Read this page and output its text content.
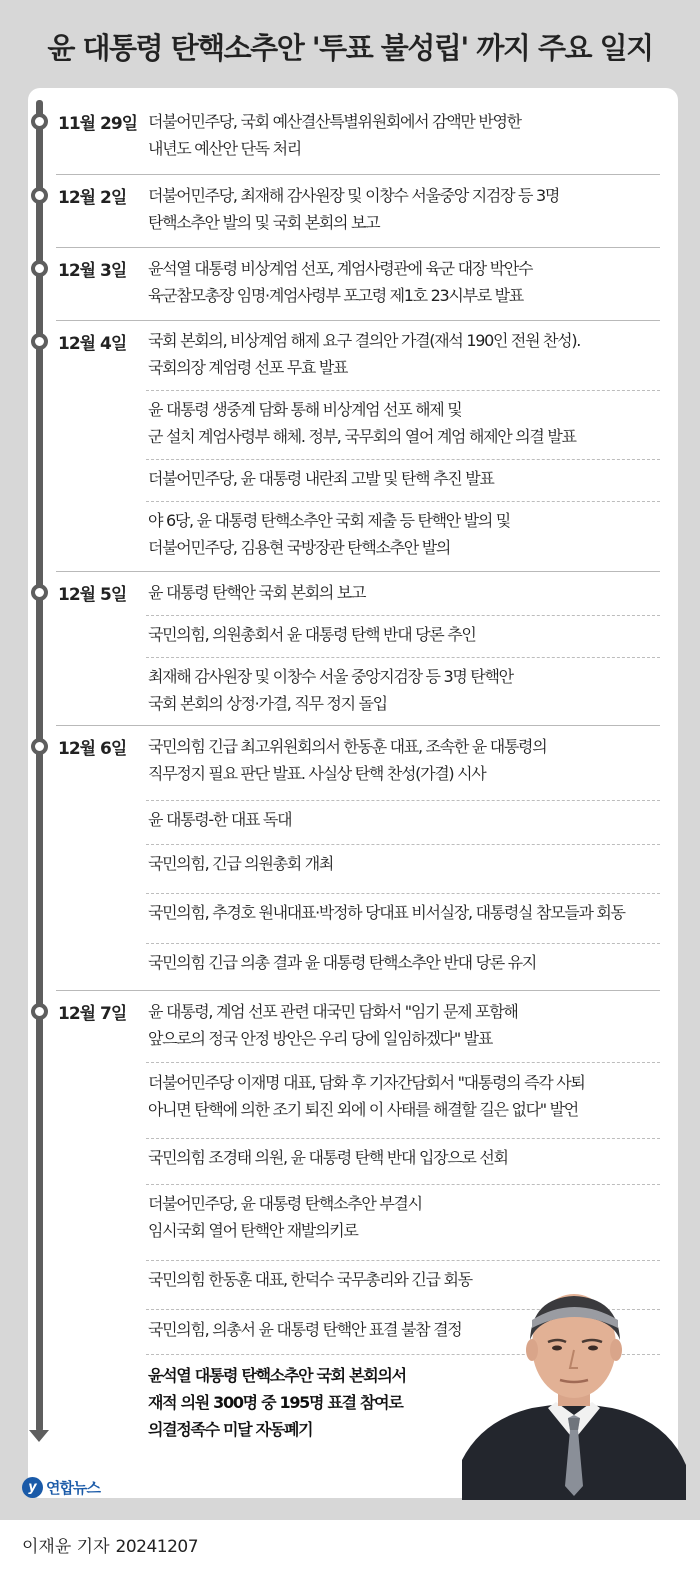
윤 대통령 탄핵소추안 '투표 불성립' 까지 주요 일지
11월 29일 더불어민주당, 국회 예산결산특별위원회에서 감액만 반영한
내년도 예산안 단독 처리
12월 2일 더불어민주당, 최재해 감사원장 및 이창수 서울중앙 지검장 등 3명
탄핵소추안 발의 및 국회 본회의 보고
12월 3일 윤석열 대통령 비상계엄 선포, 계엄사령관에 육군 대장 박안수
육군참모총장 임명·계엄사령부 포고령 제1호 23시부로 발표
12월 4일 국회 본회의, 비상계엄 해제 요구 결의안 가결(재석 190인 전원 찬성).
국회의장 계엄령 선포 무효 발표
윤 대통령 생중계 담화 통해 비상계엄 선포 해제 및
군 설치 계엄사령부 해체. 정부, 국무회의 열어 계엄 해제안 의결 발표
더불어민주당, 윤 대통령 내란죄 고발 및 탄핵 추진 발표
야 6당, 윤 대통령 탄핵소추안 국회 제출 등 탄핵안 발의 및
더불어민주당, 김용현 국방장관 탄핵소추안 발의
12월 5일 윤 대통령 탄핵안 국회 본회의 보고
국민의힘, 의원총회서 윤 대통령 탄핵 반대 당론 추인
최재해 감사원장 및 이창수 서울 중앙지검장 등 3명 탄핵안
국회 본회의 상정·가결, 직무 정지 돌입
12월 6일 국민의힘 긴급 최고위원회의서 한동훈 대표, 조속한 윤 대통령의
직무정지 필요 판단 발표. 사실상 탄핵 찬성(가결) 시사
윤 대통령-한 대표 독대
국민의힘, 긴급 의원총회 개최
국민의힘, 추경호 원내대표·박정하 당대표 비서실장, 대통령실 참모들과 회동
국민의힘 긴급 의총 결과 윤 대통령 탄핵소추안 반대 당론 유지
12월 7일 윤 대통령, 계엄 선포 관련 대국민 담화서 "임기 문제 포함해
앞으로의 정국 안정 방안은 우리 당에 일임하겠다" 발표
더불어민주당 이재명 대표, 담화 후 기자간담회서 "대통령의 즉각 사퇴
아니면 탄핵에 의한 조기 퇴진 외에 이 사태를 해결할 길은 없다" 발언
국민의힘 조경태 의원, 윤 대통령 탄핵 반대 입장으로 선회
더불어민주당, 윤 대통령 탄핵소추안 부결시
임시국회 열어 탄핵안 재발의키로
국민의힘 한동훈 대표, 한덕수 국무총리와 긴급 회동
국민의힘, 의총서 윤 대통령 탄핵안 표결 불참 결정
윤석열 대통령 탄핵소추안 국회 본회의서
재적 의원 300명 중 195명 표결 참여로
의결정족수 미달 자동폐기
y 연합뉴스
이재윤 기자 20241207
